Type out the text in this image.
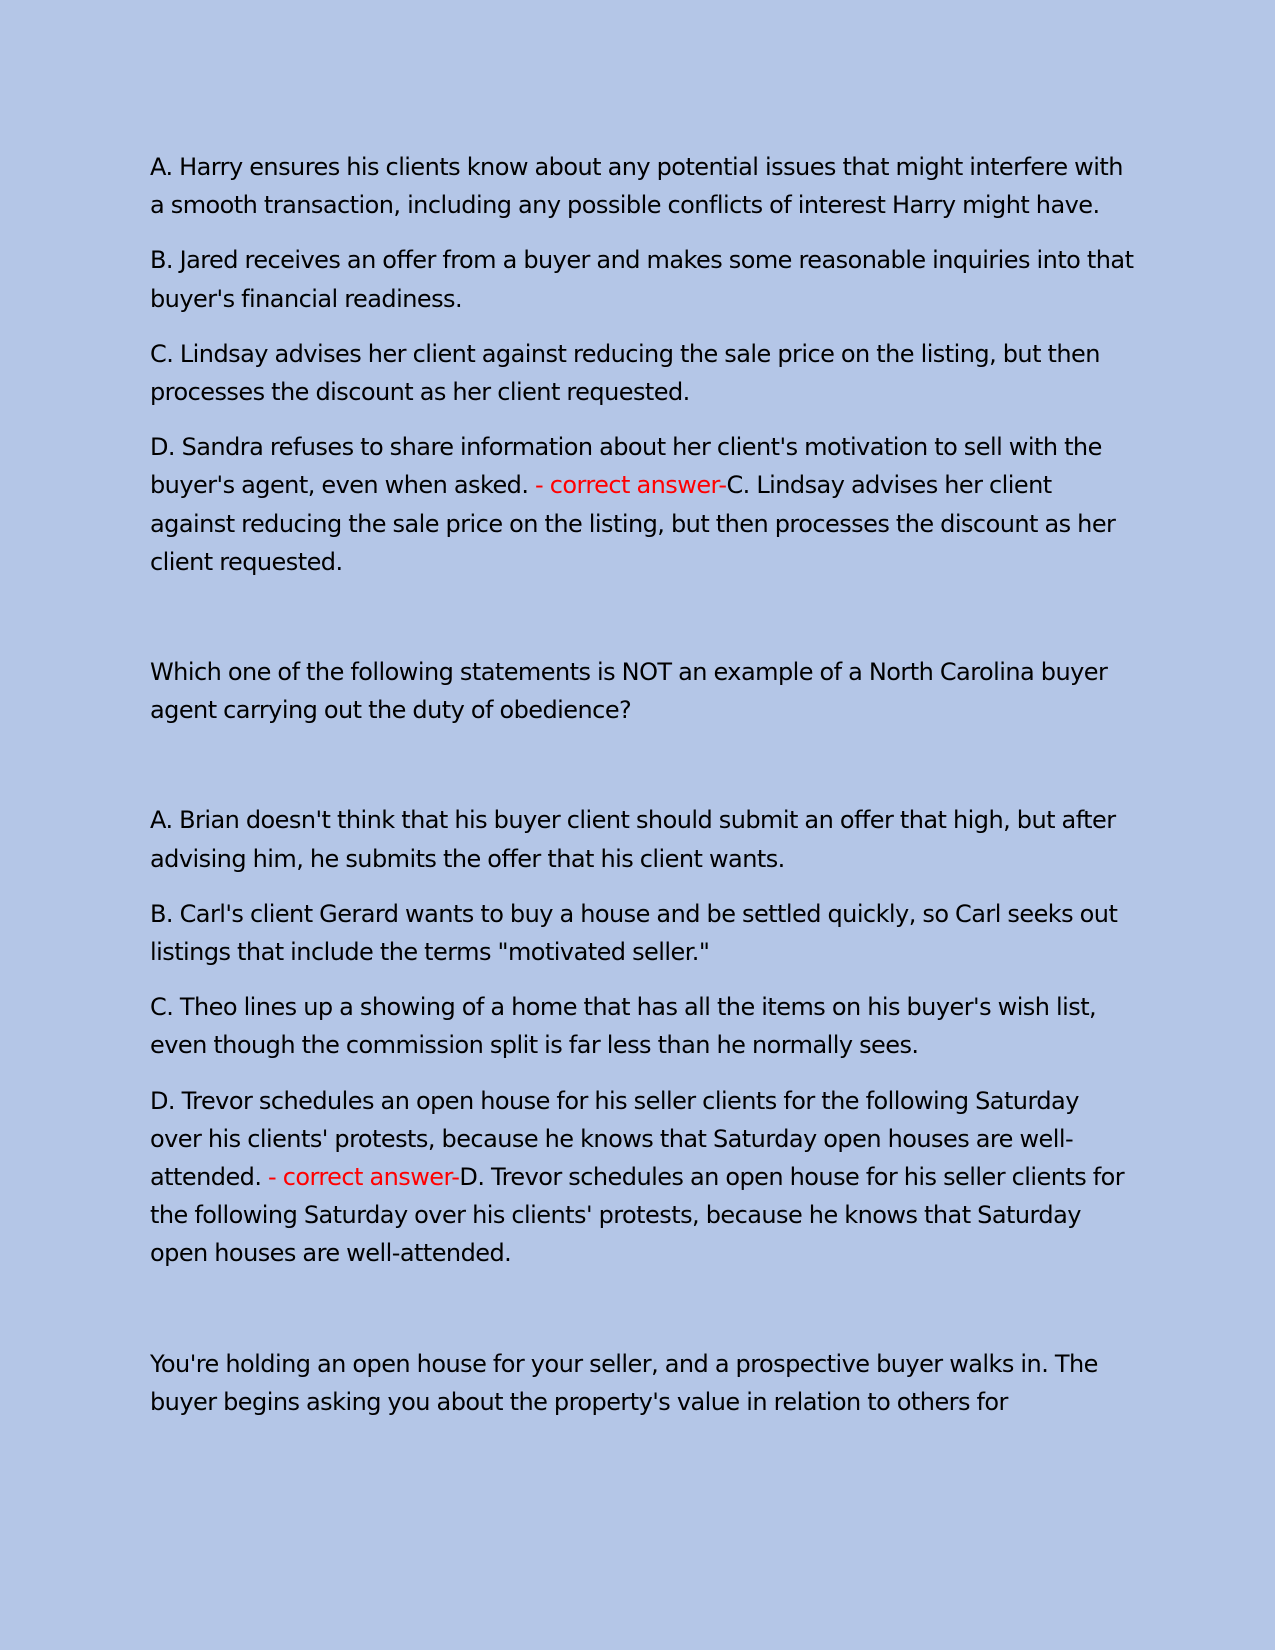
A. Harry ensures his clients know about any potential issues that might interfere with a smooth transaction, including any possible conflicts of interest Harry might have.

B. Jared receives an offer from a buyer and makes some reasonable inquiries into that buyer's financial readiness.

C. Lindsay advises her client against reducing the sale price on the listing, but then processes the discount as her client requested.

D. Sandra refuses to share information about her client's motivation to sell with the buyer's agent, even when asked. - correct answer-C. Lindsay advises her client against reducing the sale price on the listing, but then processes the discount as her client requested.

Which one of the following statements is NOT an example of a North Carolina buyer agent carrying out the duty of obedience?

A. Brian doesn't think that his buyer client should submit an offer that high, but after advising him, he submits the offer that his client wants.

B. Carl's client Gerard wants to buy a house and be settled quickly, so Carl seeks out listings that include the terms "motivated seller."

C. Theo lines up a showing of a home that has all the items on his buyer's wish list, even though the commission split is far less than he normally sees.

D. Trevor schedules an open house for his seller clients for the following Saturday over his clients' protests, because he knows that Saturday open houses are well-attended. - correct answer-D. Trevor schedules an open house for his seller clients for the following Saturday over his clients' protests, because he knows that Saturday open houses are well-attended.

You're holding an open house for your seller, and a prospective buyer walks in. The buyer begins asking you about the property's value in relation to others for
